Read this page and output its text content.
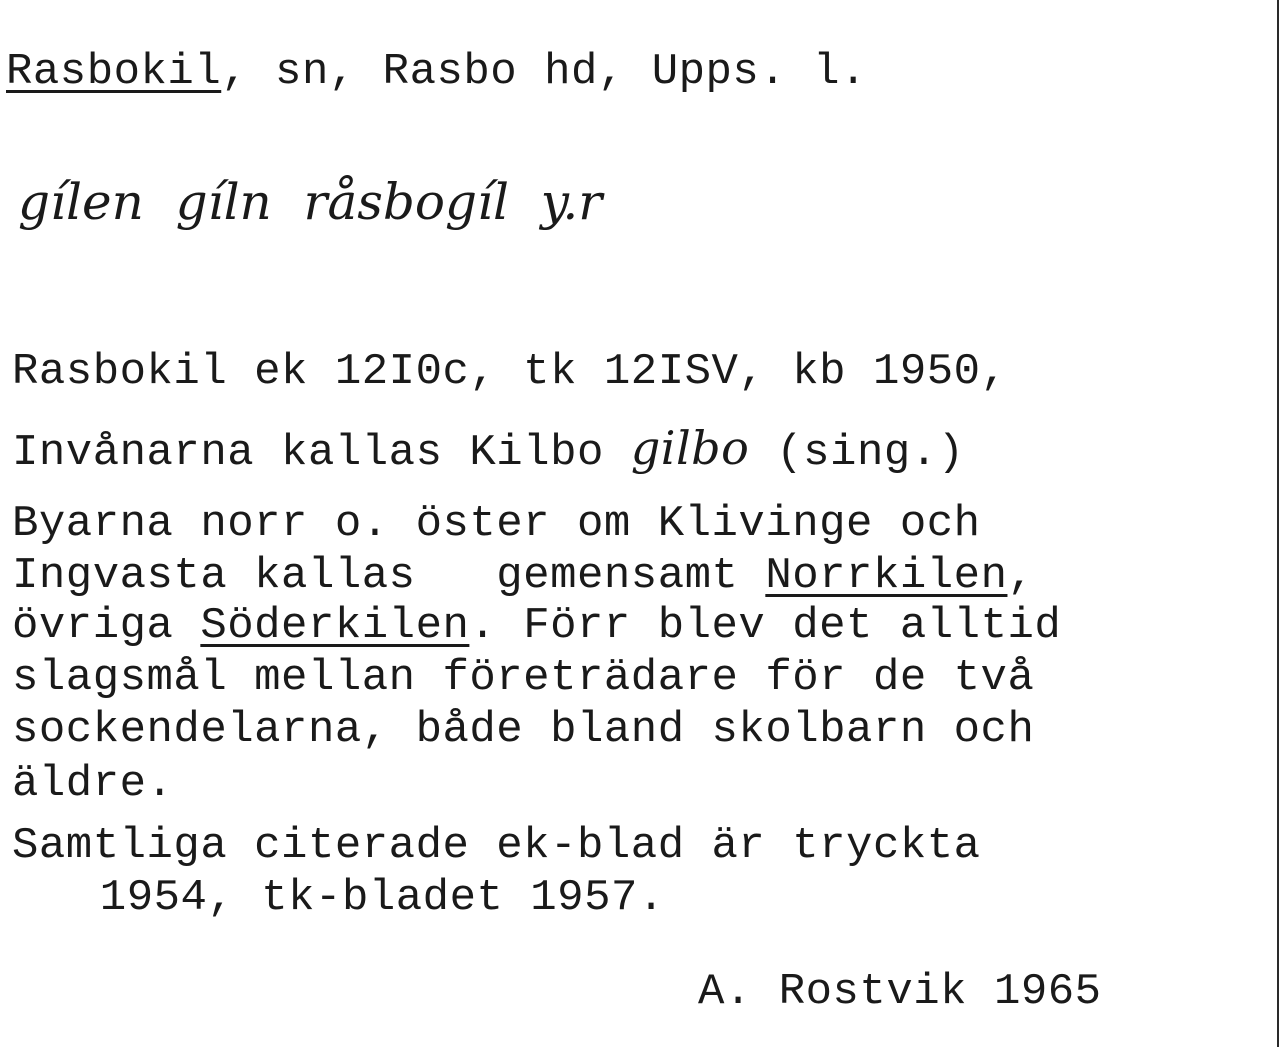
Rasbokil, sn, Rasbo hd, Upps. l.
gílen  gíln  råsbogíl  y.r
Rasbokil ek 12I0c, tk 12ISV, kb 1950,
Invånarna kallas Kilbo gilbo (sing.)
Byarna norr o. öster om Klivinge och
Ingvasta kallas   gemensamt Norrkilen,
övriga Söderkilen. Förr blev det alltid
slagsmål mellan företrädare för de två
sockendelarna, både bland skolbarn och
äldre.
Samtliga citerade ek-blad är tryckta
1954, tk-bladet 1957.
A. Rostvik 1965
